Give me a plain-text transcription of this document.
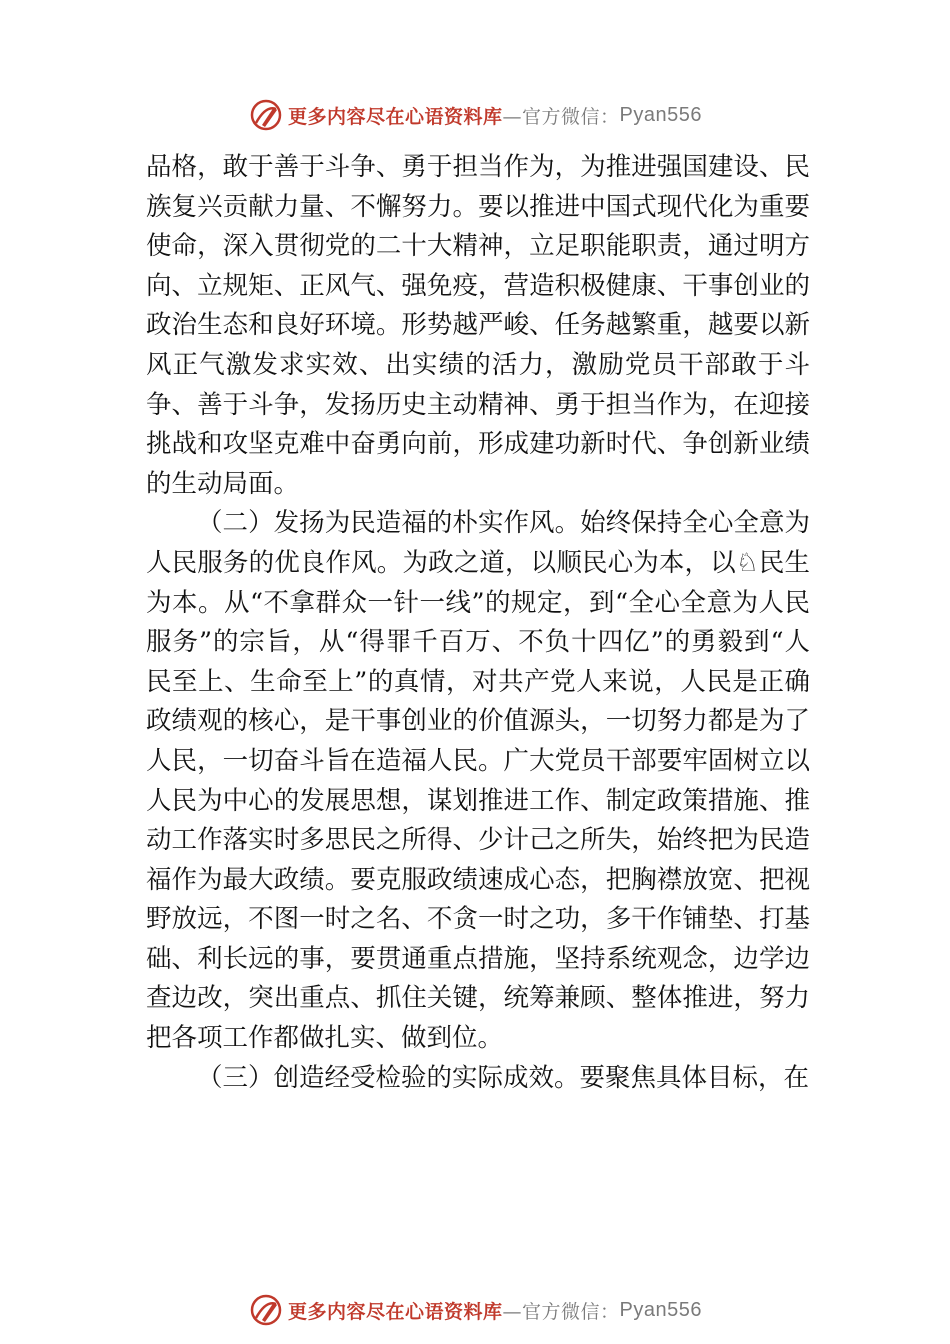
更多内容尽在心语资料库 —官方微信： Pyan556

品格，敢于善于斗争、勇于担当作为，为推进强国建设、民族复兴贡献力量、不懈努力。要以推进中国式现代化为重要使命，深入贯彻党的二十大精神，立足职能职责，通过明方向、立规矩、正风气、强免疫，营造积极健康、干事创业的政治生态和良好环境。形势越严峻、任务越繁重，越要以新风正气激发求实效、出实绩的活力，激励党员干部敢于斗争、善于斗争，发扬历史主动精神、勇于担当作为，在迎接挑战和攻坚克难中奋勇向前，形成建功新时代、争创新业绩的生动局面。

（二）发扬为民造福的朴实作风。始终保持全心全意为人民服务的优良作风。为政之道，以顺民心为本，以♘民生为本。从“不拿群众一针一线”的规定，到“全心全意为人民服务”的宗旨，从“得罪千百万、不负十四亿”的勇毅到“人民至上、生命至上”的真情，对共产党人来说，人民是正确政绩观的核心，是干事创业的价值源头，一切努力都是为了人民，一切奋斗旨在造福人民。广大党员干部要牢固树立以人民为中心的发展思想，谋划推进工作、制定政策措施、推动工作落实时多思民之所得、少计己之所失，始终把为民造福作为最大政绩。要克服政绩速成心态，把胸襟放宽、把视野放远，不图一时之名、不贪一时之功，多干作铺垫、打基础、利长远的事，要贯通重点措施，坚持系统观念，边学边查边改，突出重点、抓住关键，统筹兼顾、整体推进，努力把各项工作都做扎实、做到位。

（三）创造经受检验的实际成效。要聚焦具体目标，在

更多内容尽在心语资料库 —官方微信： Pyan556
